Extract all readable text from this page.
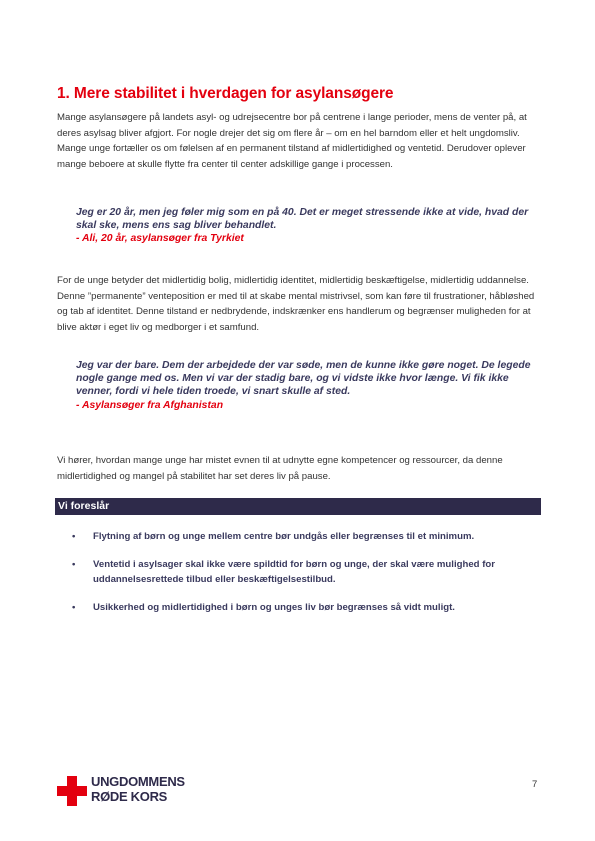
1. Mere stabilitet i hverdagen for asylansøgere

Mange asylansøgere på landets asyl- og udrejsecentre bor på centrene i lange perioder, mens de venter på, at deres asylsag bliver afgjort. For nogle drejer det sig om flere år – om en hel barndom eller et helt ungdomsliv. Mange unge fortæller os om følelsen af en permanent tilstand af midlertidighed og ventetid. Derudover oplever mange beboere at skulle flytte fra center til center adskillige gange i processen.

Jeg er 20 år, men jeg føler mig som en på 40. Det er meget stressende ikke at vide, hvad der skal ske, mens ens sag bliver behandlet.
- Ali, 20 år, asylansøger fra Tyrkiet

For de unge betyder det midlertidig bolig, midlertidig identitet, midlertidig beskæftigelse, midlertidig uddannelse. Denne ”permanente” venteposition er med til at skabe mental mistrivsel, som kan føre til frustrationer, håbløshed og tab af identitet. Denne tilstand er nedbrydende, indskrænker ens handlerum og begrænser muligheden for at blive aktør i eget liv og medborger i et samfund.

Jeg var der bare. Dem der arbejdede der var søde, men de kunne ikke gøre noget. De legede nogle gange med os. Men vi var der stadig bare, og vi vidste ikke hvor længe. Vi fik ikke venner, fordi vi hele tiden troede, vi snart skulle af sted.
- Asylansøger fra Afghanistan

Vi hører, hvordan mange unge har mistet evnen til at udnytte egne kompetencer og ressourcer, da denne midlertidighed og mangel på stabilitet har set deres liv på pause.

Vi foreslår
• Flytning af børn og unge mellem centre bør undgås eller begrænses til et minimum.
• Ventetid i asylsager skal ikke være spildtid for børn og unge, der skal være mulighed for uddannelsesrettede tilbud eller beskæftigelsestilbud.
• Usikkerhed og midlertidighed i børn og unges liv bør begrænses så vidt muligt.
UNGDOMMENS
RØDE KORS
7
